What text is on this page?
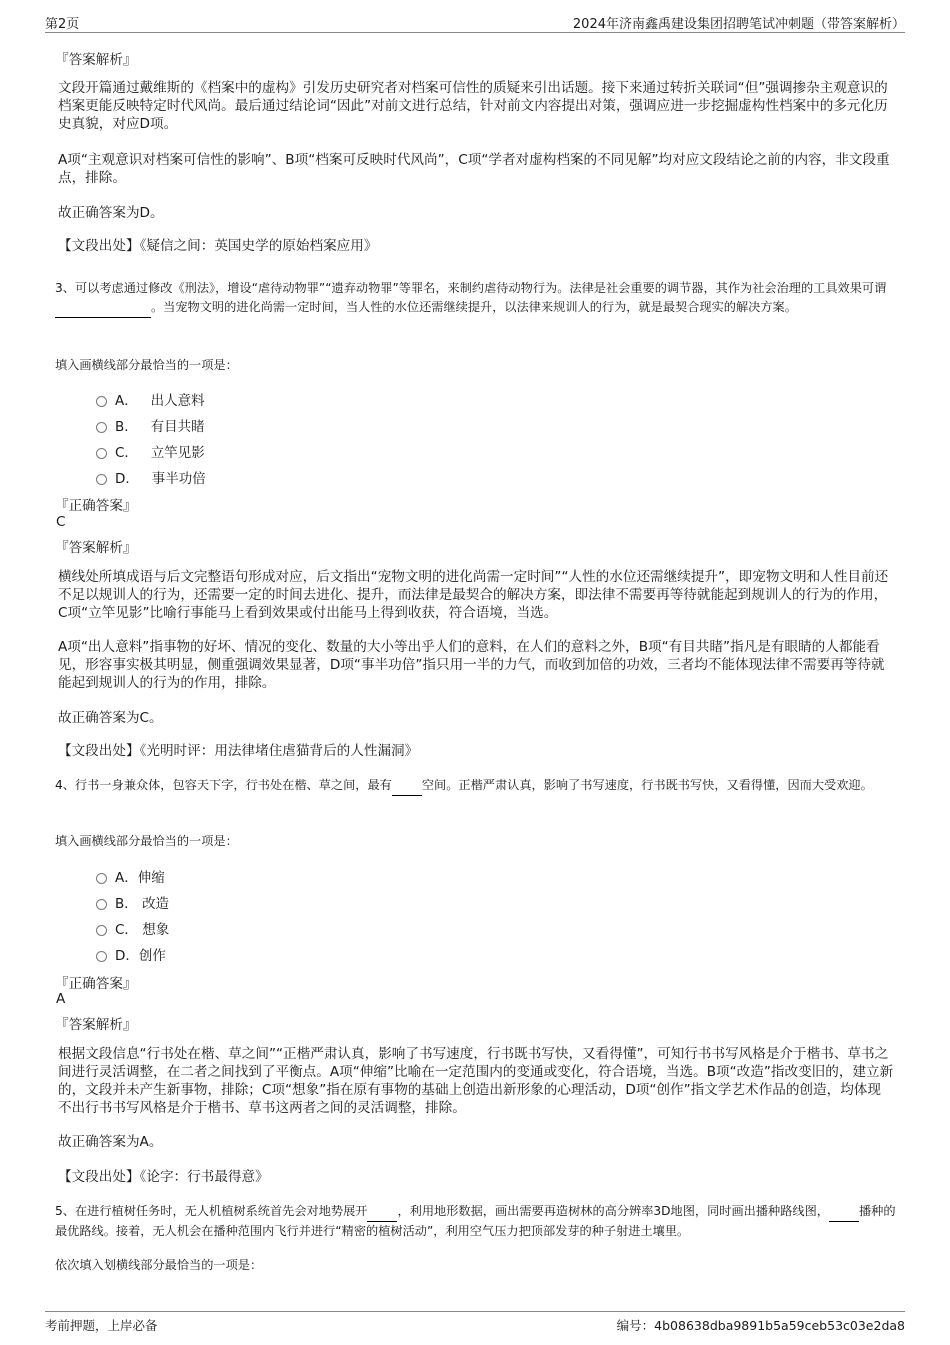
第2页	2024年济南鑫禹建设集团招聘笔试冲刺题（带答案解析）
『答案解析』
文段开篇通过戴维斯的《档案中的虚构》引发历史研究者对档案可信性的质疑来引出话题。接下来通过转折关联词“但”强调掺杂主观意识的档案更能反映特定时代风尚。最后通过结论词“因此”对前文进行总结，针对前文内容提出对策，强调应进一步挖掘虚构性档案中的多元化历史真貌，对应D项。
A项“主观意识对档案可信性的影响”、B项“档案可反映时代风尚”，C项“学者对虚构档案的不同见解”均对应文段结论之前的内容，非文段重点，排除。
故正确答案为D。
【文段出处】《疑信之间：英国史学的原始档案应用》
3、可以考虑通过修改《刑法》，增设“虐待动物罪”“遗弃动物罪”等罪名，来制约虐待动物行为。法律是社会重要的调节器，其作为社会治理的工具效果可谓 。当宠物文明的进化尚需一定时间，当人性的水位还需继续提升，以法律来规训人的行为，就是最契合现实的解决方案。
填入画横线部分最恰当的一项是：
A． 出人意料
B． 有目共睹
C． 立竿见影
D． 事半功倍
『正确答案』
C
『答案解析』
横线处所填成语与后文完整语句形成对应，后文指出“宠物文明的进化尚需一定时间”“人性的水位还需继续提升”，即宠物文明和人性目前还不足以规训人的行为，还需要一定的时间去进化、提升，而法律是最契合的解决方案，即法律不需要再等待就能起到规训人的行为的作用，C项“立竿见影”比喻行事能马上看到效果或付出能马上得到收获，符合语境，当选。
A项“出人意料”指事物的好坏、情况的变化、数量的大小等出乎人们的意料，在人们的意料之外，B项“有目共睹”指凡是有眼睛的人都能看见，形容事实极其明显，侧重强调效果显著，D项“事半功倍”指只用一半的力气，而收到加倍的功效，三者均不能体现法律不需要再等待就能起到规训人的行为的作用，排除。
故正确答案为C。
【文段出处】《光明时评：用法律堵住虐猫背后的人性漏洞》
4、行书一身兼众体，包容天下字，行书处在楷、草之间，最有 空间。正楷严肃认真，影响了书写速度，行书既书写快，又看得懂，因而大受欢迎。
填入画横线部分最恰当的一项是：
A．伸缩
B． 改造
C． 想象
D．创作
『正确答案』
A
『答案解析』
根据文段信息“行书处在楷、草之间”“正楷严肃认真，影响了书写速度，行书既书写快，又看得懂”，可知行书书写风格是介于楷书、草书之间进行灵活调整，在二者之间找到了平衡点。A项“伸缩”比喻在一定范围内的变通或变化，符合语境，当选。B项“改造”指改变旧的，建立新的，文段并未产生新事物，排除；C项“想象”指在原有事物的基础上创造出新形象的心理活动，D项“创作”指文学艺术作品的创造，均体现不出行书书写风格是介于楷书、草书这两者之间的灵活调整，排除。
故正确答案为A。
【文段出处】《论字：行书最得意》
5、在进行植树任务时，无人机植树系统首先会对地势展开 ，利用地形数据，画出需要再造树林的高分辨率3D地图，同时画出播种路线图， 播种的最优路线。接着，无人机会在播种范围内飞行并进行“精密的植树活动”，利用空气压力把顶部发芽的种子射进土壤里。
依次填入划横线部分最恰当的一项是：
考前押题，上岸必备	编号：4b08638dba9891b5a59ceb53c03e2da8
